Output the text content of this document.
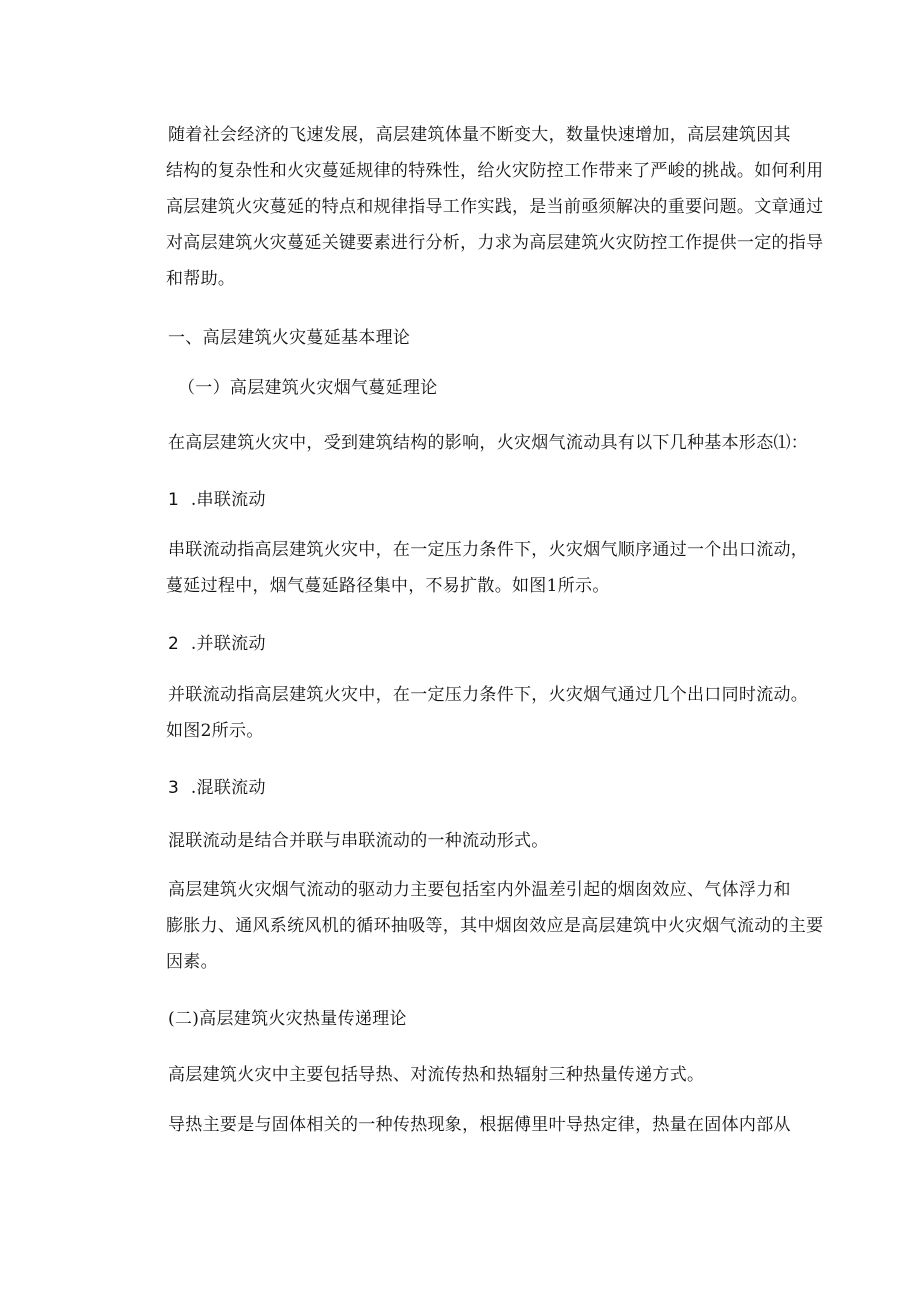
随着社会经济的飞速发展，高层建筑体量不断变大，数量快速增加，高层建筑因其
结构的复杂性和火灾蔓延规律的特殊性，给火灾防控工作带来了严峻的挑战。如何利用
高层建筑火灾蔓延的特点和规律指导工作实践，是当前亟须解决的重要问题。文章通过
对高层建筑火灾蔓延关键要素进行分析，力求为高层建筑火灾防控工作提供一定的指导
和帮助。
一、高层建筑火灾蔓延基本理论
（一）高层建筑火灾烟气蔓延理论
在高层建筑火灾中，受到建筑结构的影响，火灾烟气流动具有以下几种基本形态⑴：
1 .串联流动
串联流动指高层建筑火灾中，在一定压力条件下，火灾烟气顺序通过一个出口流动，
蔓延过程中，烟气蔓延路径集中，不易扩散。如图1所示。
2 .并联流动
并联流动指高层建筑火灾中，在一定压力条件下，火灾烟气通过几个出口同时流动。
如图2所示。
3 .混联流动
混联流动是结合并联与串联流动的一种流动形式。
高层建筑火灾烟气流动的驱动力主要包括室内外温差引起的烟囱效应、气体浮力和
膨胀力、通风系统风机的循环抽吸等，其中烟囱效应是高层建筑中火灾烟气流动的主要
因素。
(二)高层建筑火灾热量传递理论
高层建筑火灾中主要包括导热、对流传热和热辐射三种热量传递方式。
导热主要是与固体相关的一种传热现象，根据傅里叶导热定律，热量在固体内部从
